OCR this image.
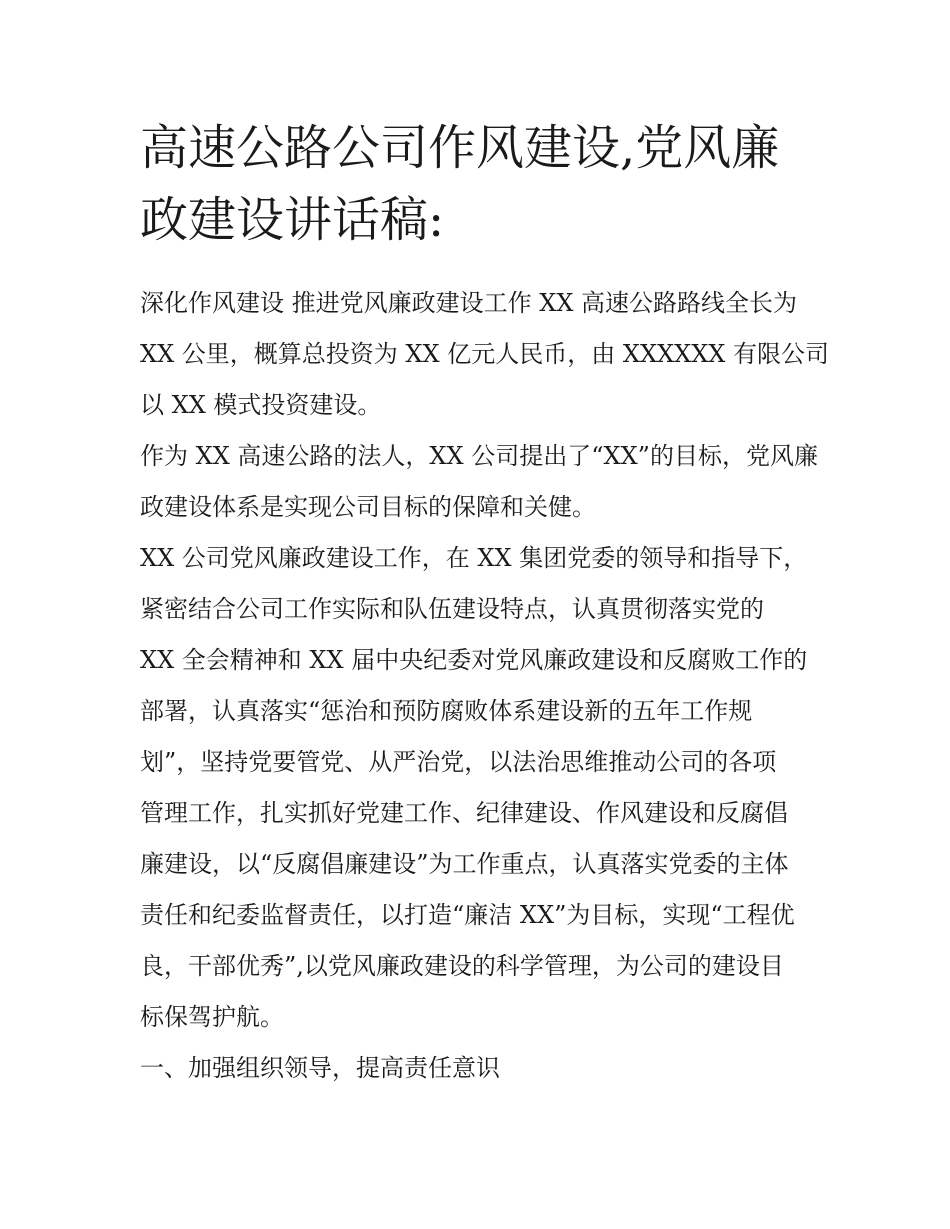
高速公路公司作风建设,党风廉
政建设讲话稿:

深化作风建设 推进党风廉政建设工作 XX 高速公路路线全长为
XX 公里，概算总投资为 XX 亿元人民币，由 XXXXXX 有限公司
以 XX 模式投资建设。

作为 XX 高速公路的法人，XX 公司提出了“XX”的目标，党风廉
政建设体系是实现公司目标的保障和关健。

XX 公司党风廉政建设工作，在 XX 集团党委的领导和指导下，
紧密结合公司工作实际和队伍建设特点，认真贯彻落实党的
XX 全会精神和 XX 届中央纪委对党风廉政建设和反腐败工作的
部署，认真落实“惩治和预防腐败体系建设新的五年工作规
划”，坚持党要管党、从严治党，以法治思维推动公司的各项
管理工作，扎实抓好党建工作、纪律建设、作风建设和反腐倡
廉建设，以“反腐倡廉建设”为工作重点，认真落实党委的主体
责任和纪委监督责任，以打造“廉洁 XX”为目标，实现“工程优
良，干部优秀”,以党风廉政建设的科学管理，为公司的建设目
标保驾护航。

一、加强组织领导，提高责任意识
